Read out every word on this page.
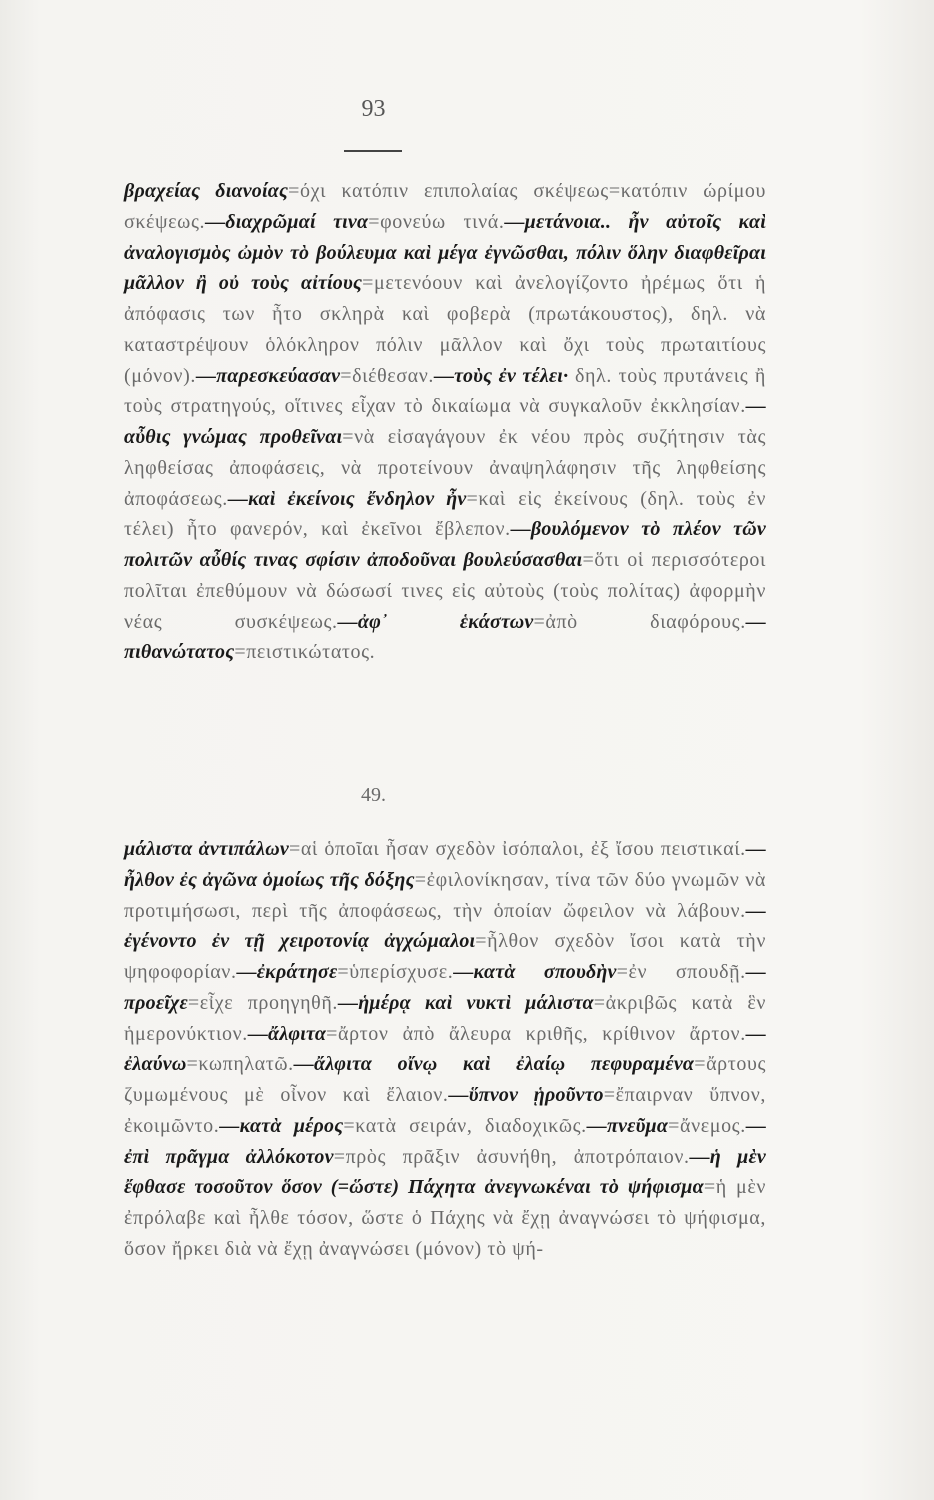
93
βραχείας διανοίας=όχι κατόπιν επιπολαίας σκέψεως=κατόπιν ώρίμου σκέψεως.—διαχρῶμαί τινα=φονεύω τινά.—μετάνοια.. ἦν αὐτοῖς καὶ ἀναλογισμὸς ὠμὸν τὸ βούλευμα καὶ μέγα ἐγνῶσθαι, πόλιν ὅλην διαφθεῖραι μᾶλλον ἢ οὐ τοὺς αἰτίους=μετενόουν καὶ ἀνελογίζοντο ἠρέμως ὅτι ἡ ἀπόφασις των ἦτο σκληρὰ καὶ φοβερὰ (πρωτάκουστος), δηλ. νὰ καταστρέψουν ὁλόκληρον πόλιν μᾶλλον καὶ ὄχι τοὺς πρωταιτίους (μόνον).—παρεσκεύασαν=διέθεσαν.—τοὺς ἐν τέλει· δηλ. τοὺς πρυτάνεις ἢ τοὺς στρατηγούς, οἵτινες εἶχαν τὸ δικαίωμα νὰ συγκαλοῦν ἐκκλησίαν.—αὖθις γνώμας προθεῖναι=νὰ εἰσαγάγουν ἐκ νέου πρὸς συζήτησιν τὰς ληφθείσας ἀποφάσεις, νὰ προτείνουν ἀναψηλάφησιν τῆς ληφθείσης ἀποφάσεως.—καὶ ἐκείνοις ἔνδηλον ἦν=καὶ εἰς ἐκείνους (δηλ. τοὺς ἐν τέλει) ἦτο φανερόν, καὶ ἐκεῖνοι ἔβλεπον.—βουλόμενον τὸ πλέον τῶν πολιτῶν αὖθίς τινας σφίσιν ἀποδοῦναι βουλεύσασθαι=ὅτι οἱ περισσότεροι πολῖται ἐπεθύμουν νὰ δώσωσί τινες εἰς αὐτοὺς (τοὺς πολίτας) ἀφορμὴν νέας συσκέψεως.—ἀφ᾽ ἑκάστων=ἀπὸ διαφόρους.—πιθανώτατος=πειστικώτατος.
49.
μάλιστα ἀντιπάλων=αἱ ὁποῖαι ἦσαν σχεδὸν ἰσόπαλοι, ἐξ ἴσου πειστικαί.—ἦλθον ἐς ἀγῶνα ὁμοίως τῆς δόξης=ἐφιλονίκησαν, τίνα τῶν δύο γνωμῶν νὰ προτιμήσωσι, περὶ τῆς ἀποφάσεως, τὴν ὁποίαν ὤφειλον νὰ λάβουν.—ἐγένοντο ἐν τῇ χειροτονίᾳ ἀγχώμαλοι=ἦλθον σχεδὸν ἴσοι κατὰ τὴν ψηφοφορίαν.—ἐκράτησε=ὑπερίσχυσε.—κατὰ σπουδὴν=ἐν σπουδῇ.—προεῖχε=εἶχε προηγηθῆ.—ἡμέρᾳ καὶ νυκτὶ μάλιστα=ἀκριβῶς κατὰ ἓν ἡμερονύκτιον.—ἄλφιτα=ἄρτον ἀπὸ ἄλευρα κριθῆς, κρίθινον ἄρτον.—ἐλαύνω=κωπηλατῶ.—ἄλφιτα οἴνῳ καὶ ἐλαίῳ πεφυραμένα=ἄρτους ζυμωμένους μὲ οἶνον καὶ ἔλαιον.—ὕπνον ᾑροῦντο=ἔπαιρναν ὕπνον, ἐκοιμῶντο.—κατὰ μέρος=κατὰ σειράν, διαδοχικῶς.—πνεῦμα=ἄνεμος.—ἐπὶ πρᾶγμα ἀλλόκοτον=πρὸς πρᾶξιν ἀσυνήθη, ἀποτρόπαιον.—ἡ μὲν ἔφθασε τοσοῦτον ὅσον (=ὥστε) Πάχητα ἀνεγνωκέναι τὸ ψήφισμα=ἡ μὲν ἐπρόλαβε καὶ ἦλθε τόσον, ὥστε ὁ Πάχης νὰ ἔχῃ ἀναγνώσει τὸ ψήφισμα, ὅσον ἤρκει διὰ νὰ ἔχῃ ἀναγνώσει (μόνον) τὸ ψή-
